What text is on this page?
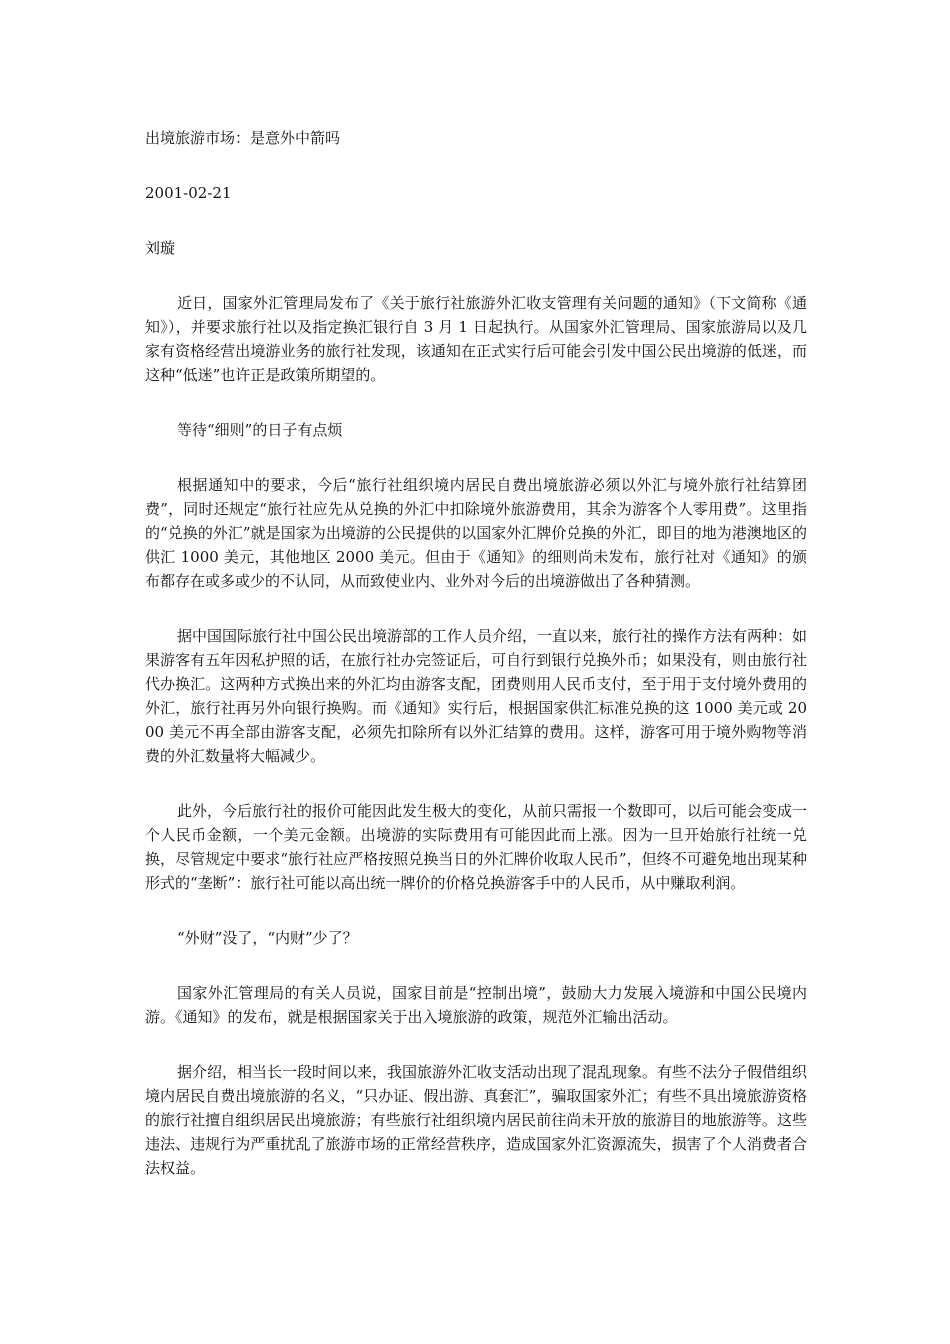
出境旅游市场：是意外中箭吗

2001-02-21

刘璇

近日，国家外汇管理局发布了《关于旅行社旅游外汇收支管理有关问题的通知》（下文简称《通知》），并要求旅行社以及指定换汇银行自 3 月 1 日起执行。从国家外汇管理局、国家旅游局以及几家有资格经营出境游业务的旅行社发现，该通知在正式实行后可能会引发中国公民出境游的低迷，而这种“低迷”也许正是政策所期望的。

等待“细则”的日子有点烦

根据通知中的要求，今后“旅行社组织境内居民自费出境旅游必须以外汇与境外旅行社结算团费”，同时还规定“旅行社应先从兑换的外汇中扣除境外旅游费用，其余为游客个人零用费”。这里指的“兑换的外汇”就是国家为出境游的公民提供的以国家外汇牌价兑换的外汇，即目的地为港澳地区的供汇 1000 美元，其他地区 2000 美元。但由于《通知》的细则尚未发布，旅行社对《通知》的颁布都存在或多或少的不认同，从而致使业内、业外对今后的出境游做出了各种猜测。

据中国国际旅行社中国公民出境游部的工作人员介绍，一直以来，旅行社的操作方法有两种：如果游客有五年因私护照的话，在旅行社办完签证后，可自行到银行兑换外币；如果没有，则由旅行社代办换汇。这两种方式换出来的外汇均由游客支配，团费则用人民币支付，至于用于支付境外费用的外汇，旅行社再另外向银行换购。而《通知》实行后，根据国家供汇标准兑换的这 1000 美元或 2000 美元不再全部由游客支配，必须先扣除所有以外汇结算的费用。这样，游客可用于境外购物等消费的外汇数量将大幅减少。

此外，今后旅行社的报价可能因此发生极大的变化，从前只需报一个数即可，以后可能会变成一个人民币金额，一个美元金额。出境游的实际费用有可能因此而上涨。因为一旦开始旅行社统一兑换，尽管规定中要求“旅行社应严格按照兑换当日的外汇牌价收取人民币”，但终不可避免地出现某种形式的“垄断”：旅行社可能以高出统一牌价的价格兑换游客手中的人民币，从中赚取利润。

“外财”没了，“内财”少了？

国家外汇管理局的有关人员说，国家目前是“控制出境”，鼓励大力发展入境游和中国公民境内游。《通知》的发布，就是根据国家关于出入境旅游的政策，规范外汇输出活动。

据介绍，相当长一段时间以来，我国旅游外汇收支活动出现了混乱现象。有些不法分子假借组织境内居民自费出境旅游的名义，“只办证、假出游、真套汇”，骗取国家外汇；有些不具出境旅游资格的旅行社擅自组织居民出境旅游；有些旅行社组织境内居民前往尚未开放的旅游目的地旅游等。这些违法、违规行为严重扰乱了旅游市场的正常经营秩序，造成国家外汇资源流失，损害了个人消费者合法权益。
